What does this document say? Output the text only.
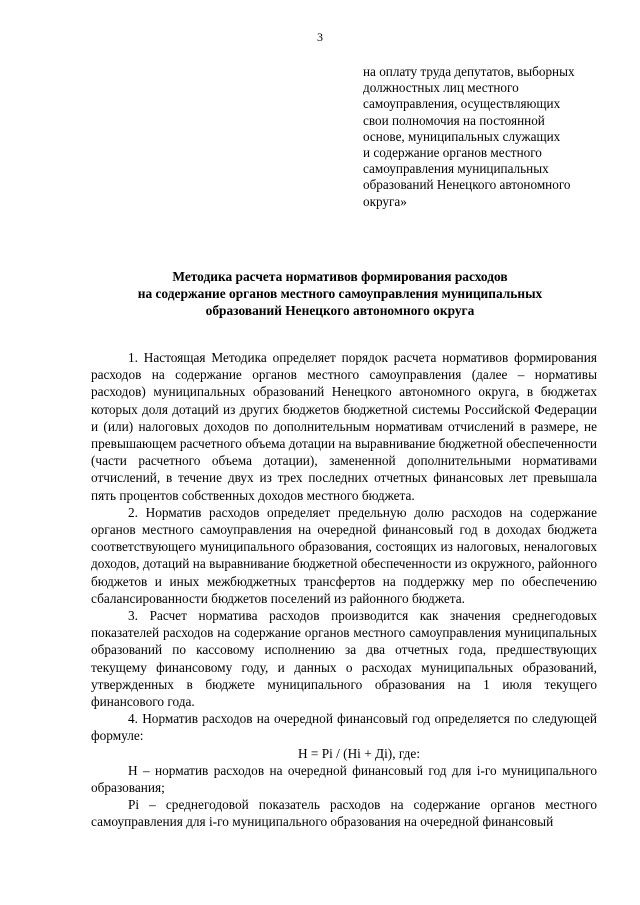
3
на оплату труда депутатов, выборных
должностных лиц местного
самоуправления, осуществляющих
свои полномочия на постоянной
основе, муниципальных служащих
и содержание органов местного
самоуправления муниципальных
образований Ненецкого автономного
округа»
Методика расчета нормативов формирования расходов
на содержание органов местного самоуправления муниципальных
образований Ненецкого автономного округа

1. Настоящая Методика определяет порядок расчета нормативов формирования расходов на содержание органов местного самоуправления (далее – нормативы расходов) муниципальных образований Ненецкого автономного округа, в бюджетах которых доля дотаций из других бюджетов бюджетной системы Российской Федерации и (или) налоговых доходов по дополнительным нормативам отчислений в размере, не превышающем расчетного объема дотации на выравнивание бюджетной обеспеченности (части расчетного объема дотации), замененной дополнительными нормативами отчислений, в течение двух из трех последних отчетных финансовых лет превышала пять процентов собственных доходов местного бюджета.

2. Норматив расходов определяет предельную долю расходов на содержание органов местного самоуправления на очередной финансовый год в доходах бюджета соответствующего муниципального образования, состоящих из налоговых, неналоговых доходов, дотаций на выравнивание бюджетной обеспеченности из окружного, районного бюджетов и иных межбюджетных трансфертов на поддержку мер по обеспечению сбалансированности бюджетов поселений из районного бюджета.

3. Расчет норматива расходов производится как значения среднегодовых показателей расходов на содержание органов местного самоуправления муниципальных образований по кассовому исполнению за два отчетных года, предшествующих текущему финансовому году, и данных о расходах муниципальных образований, утвержденных в бюджете муниципального образования на 1 июля текущего финансового года.

4. Норматив расходов на очередной финансовый год определяется по следующей формуле:

Н = Рi / (Нi + Дi), где:

Н – норматив расходов на очередной финансовый год для i-го муниципального образования;

Рi – среднегодовой показатель расходов на содержание органов местного самоуправления для i-го муниципального образования на очередной финансовый
